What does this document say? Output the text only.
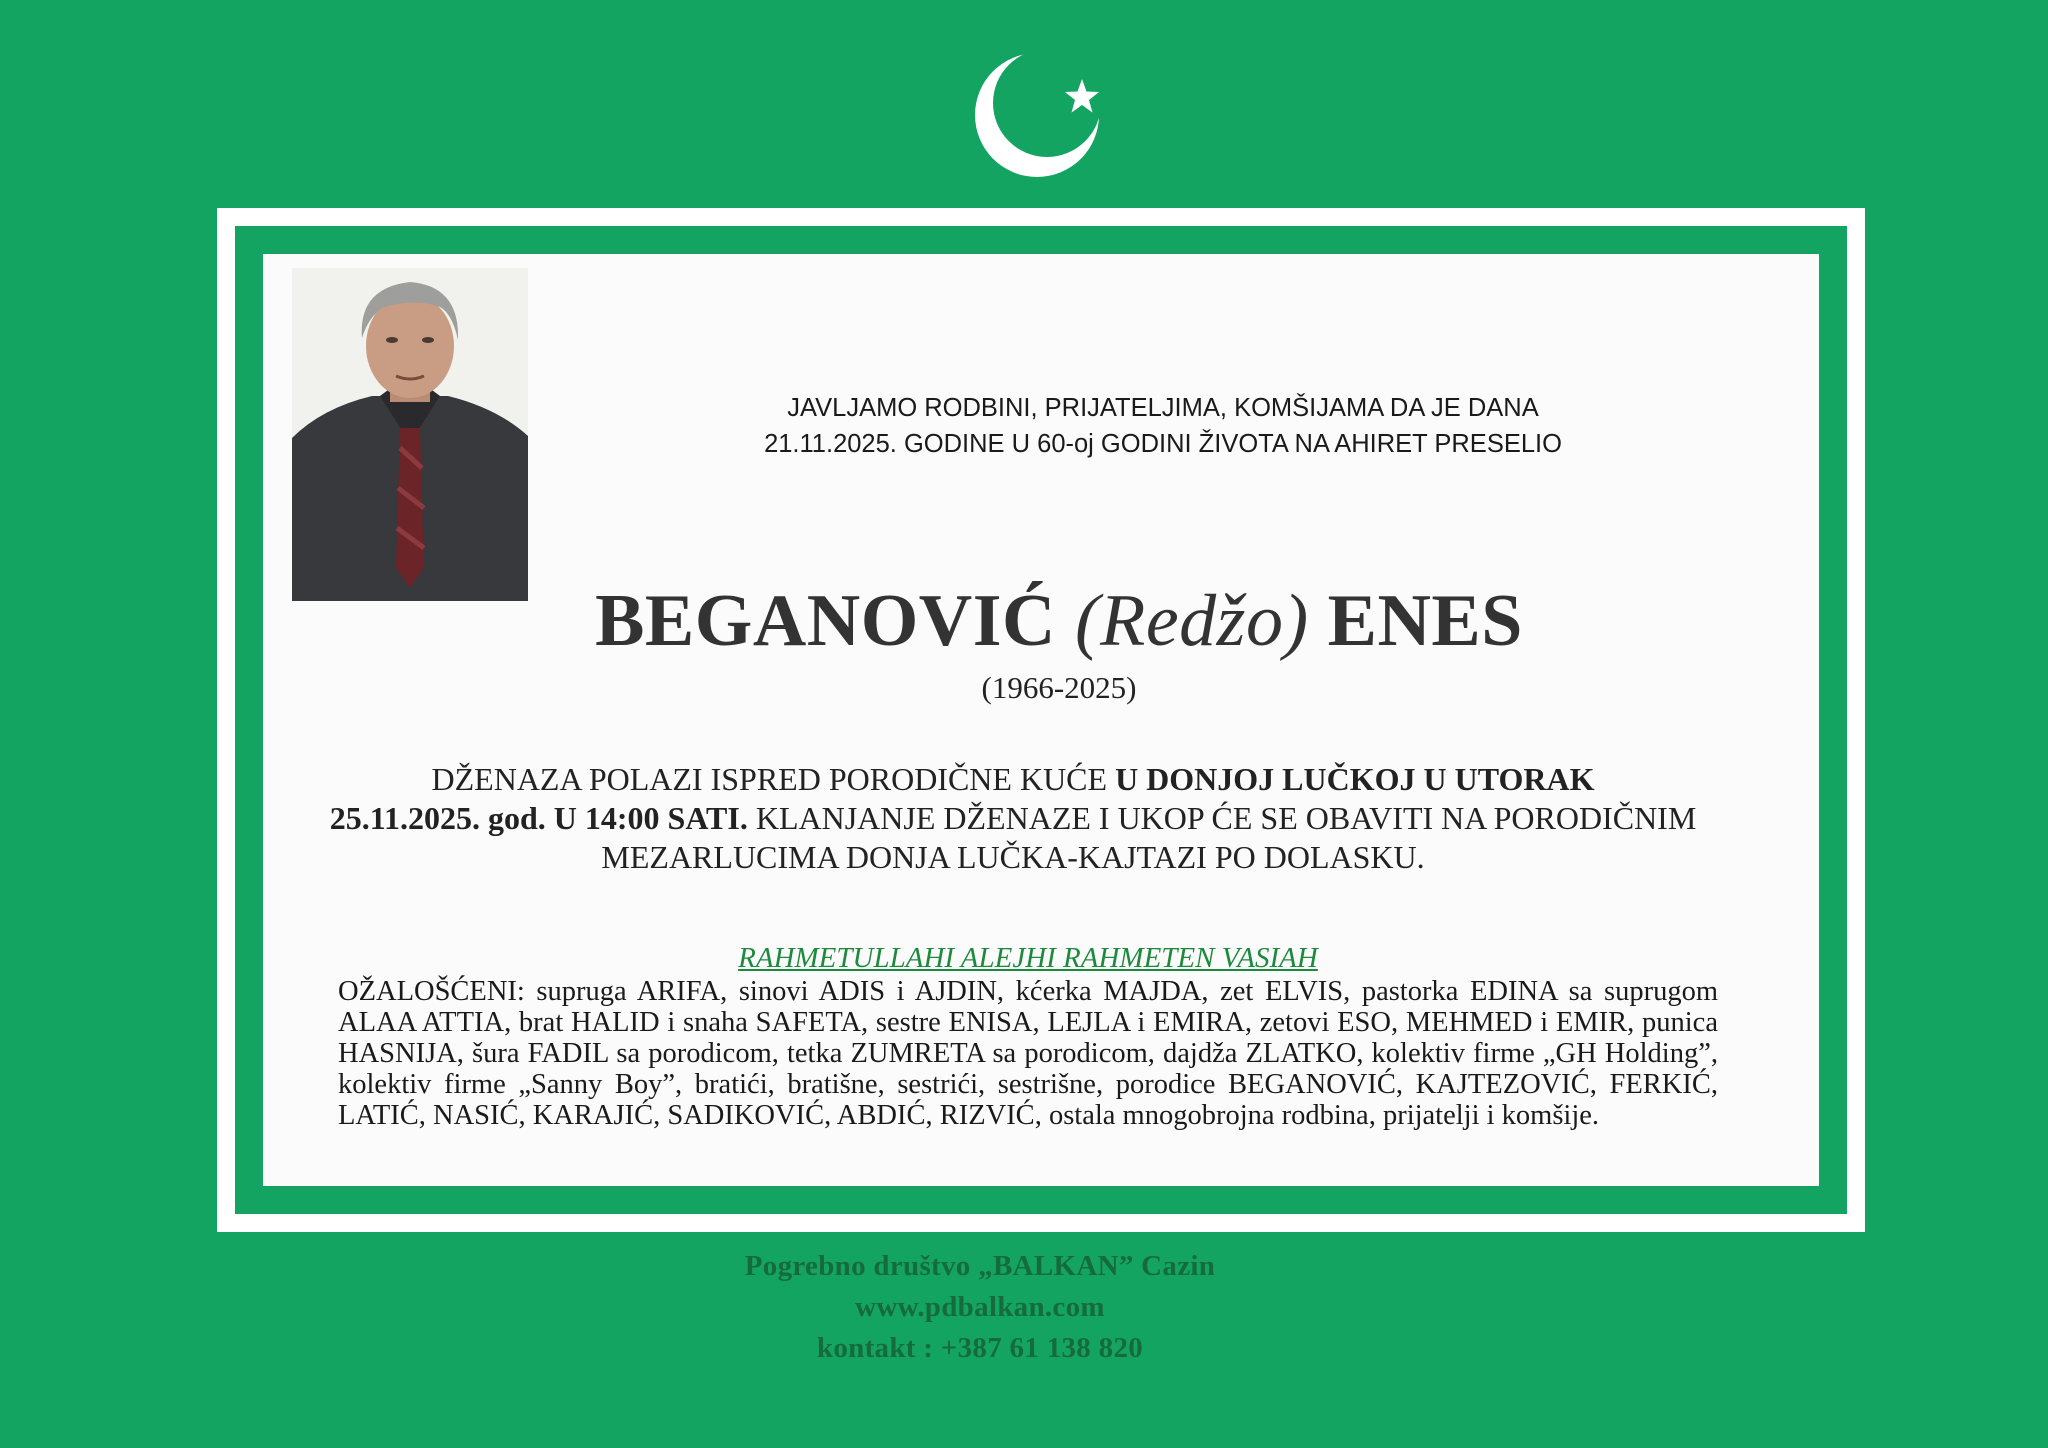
JAVLJAMO RODBINI, PRIJATELJIMA, KOMŠIJAMA DA JE DANA
21.11.2025. GODINE U 60-oj GODINI ŽIVOTA NA AHIRET PRESELIO
BEGANOVIĆ (Redžo) ENES
(1966-2025)
DŽENAZA POLAZI ISPRED PORODIČNE KUĆE U DONJOJ LUČKOJ U UTORAK
25.11.2025. god. U 14:00 SATI. KLANJANJE DŽENAZE I UKOP ĆE SE OBAVITI NA PORODIČNIM MEZARLUCIMA DONJA LUČKA-KAJTAZI PO DOLASKU.
RAHMETULLAHI ALEJHI RAHMETEN VASIAH
OŽALOŠĆENI: supruga ARIFA, sinovi ADIS i AJDIN, kćerka MAJDA, zet ELVIS, pastorka EDINA sa suprugom ALAA ATTIA, brat HALID i snaha SAFETA, sestre ENISA, LEJLA i EMIRA, zetovi ESO, MEHMED i EMIR, punica HASNIJA, šura FADIL sa porodicom, tetka ZUMRETA sa porodicom, dajdža ZLATKO, kolektiv firme „GH Holding”, kolektiv firme „Sanny Boy”, bratići, bratišne, sestrići, sestrišne, porodice BEGANOVIĆ, KAJTEZOVIĆ, FERKIĆ, LATIĆ, NASIĆ, KARAJIĆ, SADIKOVIĆ, ABDIĆ, RIZVIĆ, ostala mnogobrojna rodbina, prijatelji i komšije.
Pogrebno društvo „BALKAN” Cazin
www.pdbalkan.com
kontakt : +387 61 138 820
